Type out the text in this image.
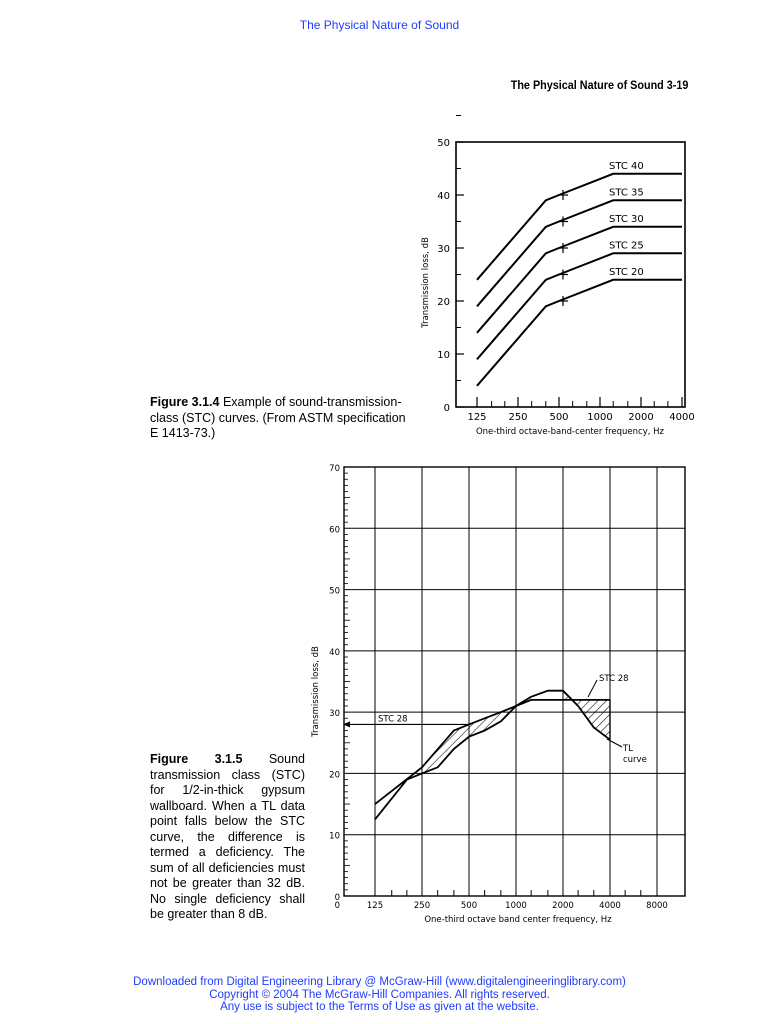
The Physical Nature of Sound
The Physical Nature of Sound 3-19
0
10
20
30
40
50
125 250 500 1000 2000 4000
One-third octave-band-center frequency, Hz
Transmission loss, dB
STC 40
STC 35
STC 30
STC 25
STC 20
0
10
20
30
40
50
60
70
0	125	250	500	1000	2000	4000	8000
One-third octave band center frequency, Hz
Transmission loss, dB	STC 28
STC 28
TL
curve
Figure 3.1.4 Example of sound-transmission-class (STC) curves. (From ASTM specification E 1413-73.)
Figure 3.1.5 Sound transmission class (STC) for 1/2-in-thick gypsum wallboard. When a TL data point falls below the STC curve, the difference is termed a deficiency. The sum of all deficiencies must not be greater than 32 dB. No single deficiency shall be greater than 8 dB.
Downloaded from Digital Engineering Library @ McGraw-Hill (www.digitalengineeringlibrary.com)
Copyright © 2004 The McGraw-Hill Companies. All rights reserved.
Any use is subject to the Terms of Use as given at the website.
